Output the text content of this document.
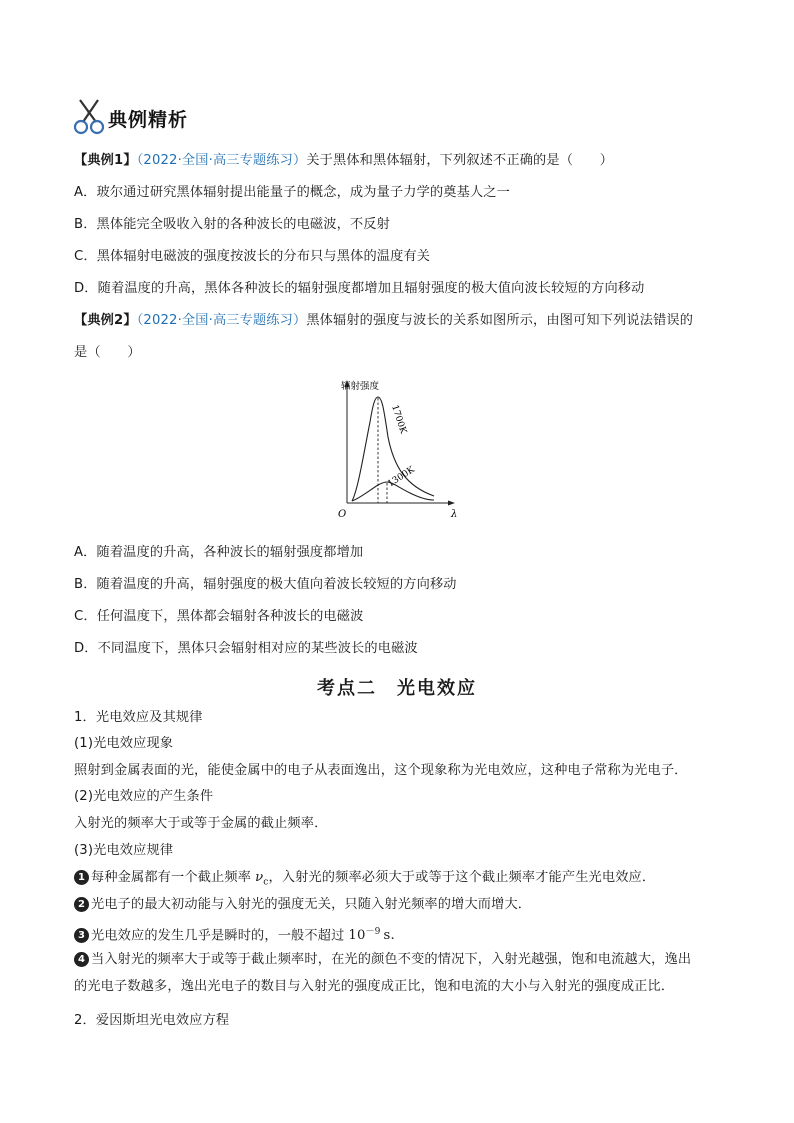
典例精析
【典例1】（2022·全国·高三专题练习）关于黑体和黑体辐射，下列叙述不正确的是（　　）
A．玻尔通过研究黑体辐射提出能量子的概念，成为量子力学的奠基人之一
B．黑体能完全吸收入射的各种波长的电磁波，不反射
C．黑体辐射电磁波的强度按波长的分布只与黑体的温度有关
D．随着温度的升高，黑体各种波长的辐射强度都增加且辐射强度的极大值向波长较短的方向移动
【典例2】（2022·全国·高三专题练习）黑体辐射的强度与波长的关系如图所示，由图可知下列说法错误的
是（　　）
O	λ
辐射强度
1700K
1300K
A．随着温度的升高，各种波长的辐射强度都增加
B．随着温度的升高，辐射强度的极大值向着波长较短的方向移动
C．任何温度下，黑体都会辐射各种波长的电磁波
D．不同温度下，黑体只会辐射相对应的某些波长的电磁波
考点二　光电效应
1．光电效应及其规律
(1)光电效应现象
照射到金属表面的光，能使金属中的电子从表面逸出，这个现象称为光电效应，这种电子常称为光电子．
(2)光电效应的产生条件
入射光的频率大于或等于金属的截止频率．
(3)光电效应规律
1 每种金属都有一个截止频率 $\nu_c$，入射光的频率必须大于或等于这个截止频率才能产生光电效应．
2 光电子的最大初动能与入射光的强度无关，只随入射光频率的增大而增大．
3 光电效应的发生几乎是瞬时的，一般不超过 $10^{-9}$ s.
4 当入射光的频率大于或等于截止频率时，在光的颜色不变的情况下，入射光越强，饱和电流越大，逸出
的光电子数越多，逸出光电子的数目与入射光的强度成正比，饱和电流的大小与入射光的强度成正比．
2．爱因斯坦光电效应方程
